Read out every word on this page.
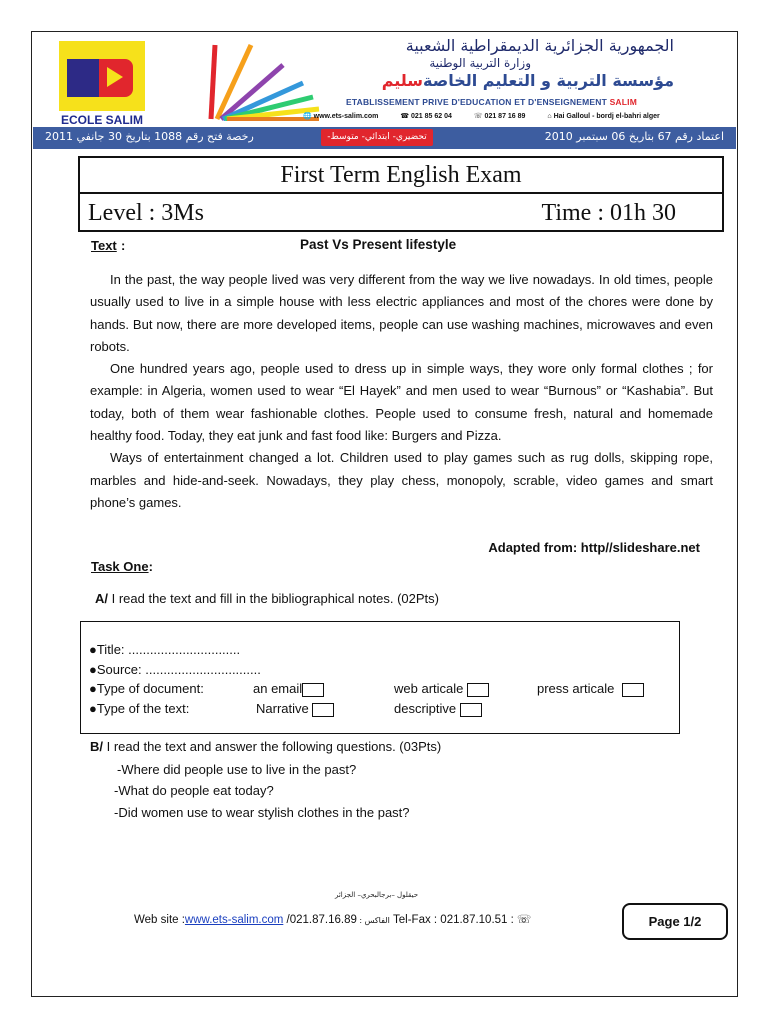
ECOLE SALIM
الجمهورية الجزائرية الديمقراطية الشعبية
وزارة التربية الوطنية
مؤسسة التربية و التعليم الخاصةسليم
ETABLISSEMENT PRIVE D'EDUCATION ET D'ENSEIGNEMENT SALIM
🌐 www.ets-salim.com	☎ 021 85 62 04	☏ 021 87 16 89	⌂ Hai Galloul - bordj el-bahri alger
رخصة فتح رقم 1088 بتاريخ 30 جانفي 2011	تحضيري- ابتدائي- متوسط- ثانوي
اعتماد رقم 67 بتاريخ 06 سبتمبر 2010
First Term English Exam
Level : 3Ms	Time : 01h 30
Text :	Past Vs Present lifestyle

In the past, the way people lived was very different from the way we live nowadays. In old times, people usually used to live in a simple house with less electric appliances and most of the chores were done by hands. But now, there are more developed items, people can use washing machines, microwaves and even robots.

One hundred years ago, people used to dress up in simple ways, they wore only formal clothes ; for example: in Algeria, women used to wear “El Hayek” and men used to wear “Burnous” or “Kashabia”. But today, both of them wear fashionable clothes. People used to consume fresh, natural and homemade healthy food. Today, they eat junk and fast food like: Burgers and Pizza.

Ways of entertainment changed a lot. Children used to play games such as rug dolls, skipping rope, marbles and hide-and-seek. Nowadays, they play chess, monopoly, scrable, video games and smart phone’s games.

Adapted from: http//slideshare.net
Task One:
A/ I read the text and fill in the bibliographical notes. (02Pts)
●Title: ...............................
●Source: ................................
●Type of document:	an email	web articale	press articale
●Type of the text:	Narrative	descriptive
B/ I read the text and answer the following questions. (03Pts)
-Where did people use to live in the past?
-What do people eat today?
-Did women use to wear stylish clothes in the past?
حيقلول –برجالبحري– الجزائر
Web site :www.ets-salim.com /021.87.16.89 : الفاكس Tel-Fax : 021.87.10.51 : ☏	Page 1/2
